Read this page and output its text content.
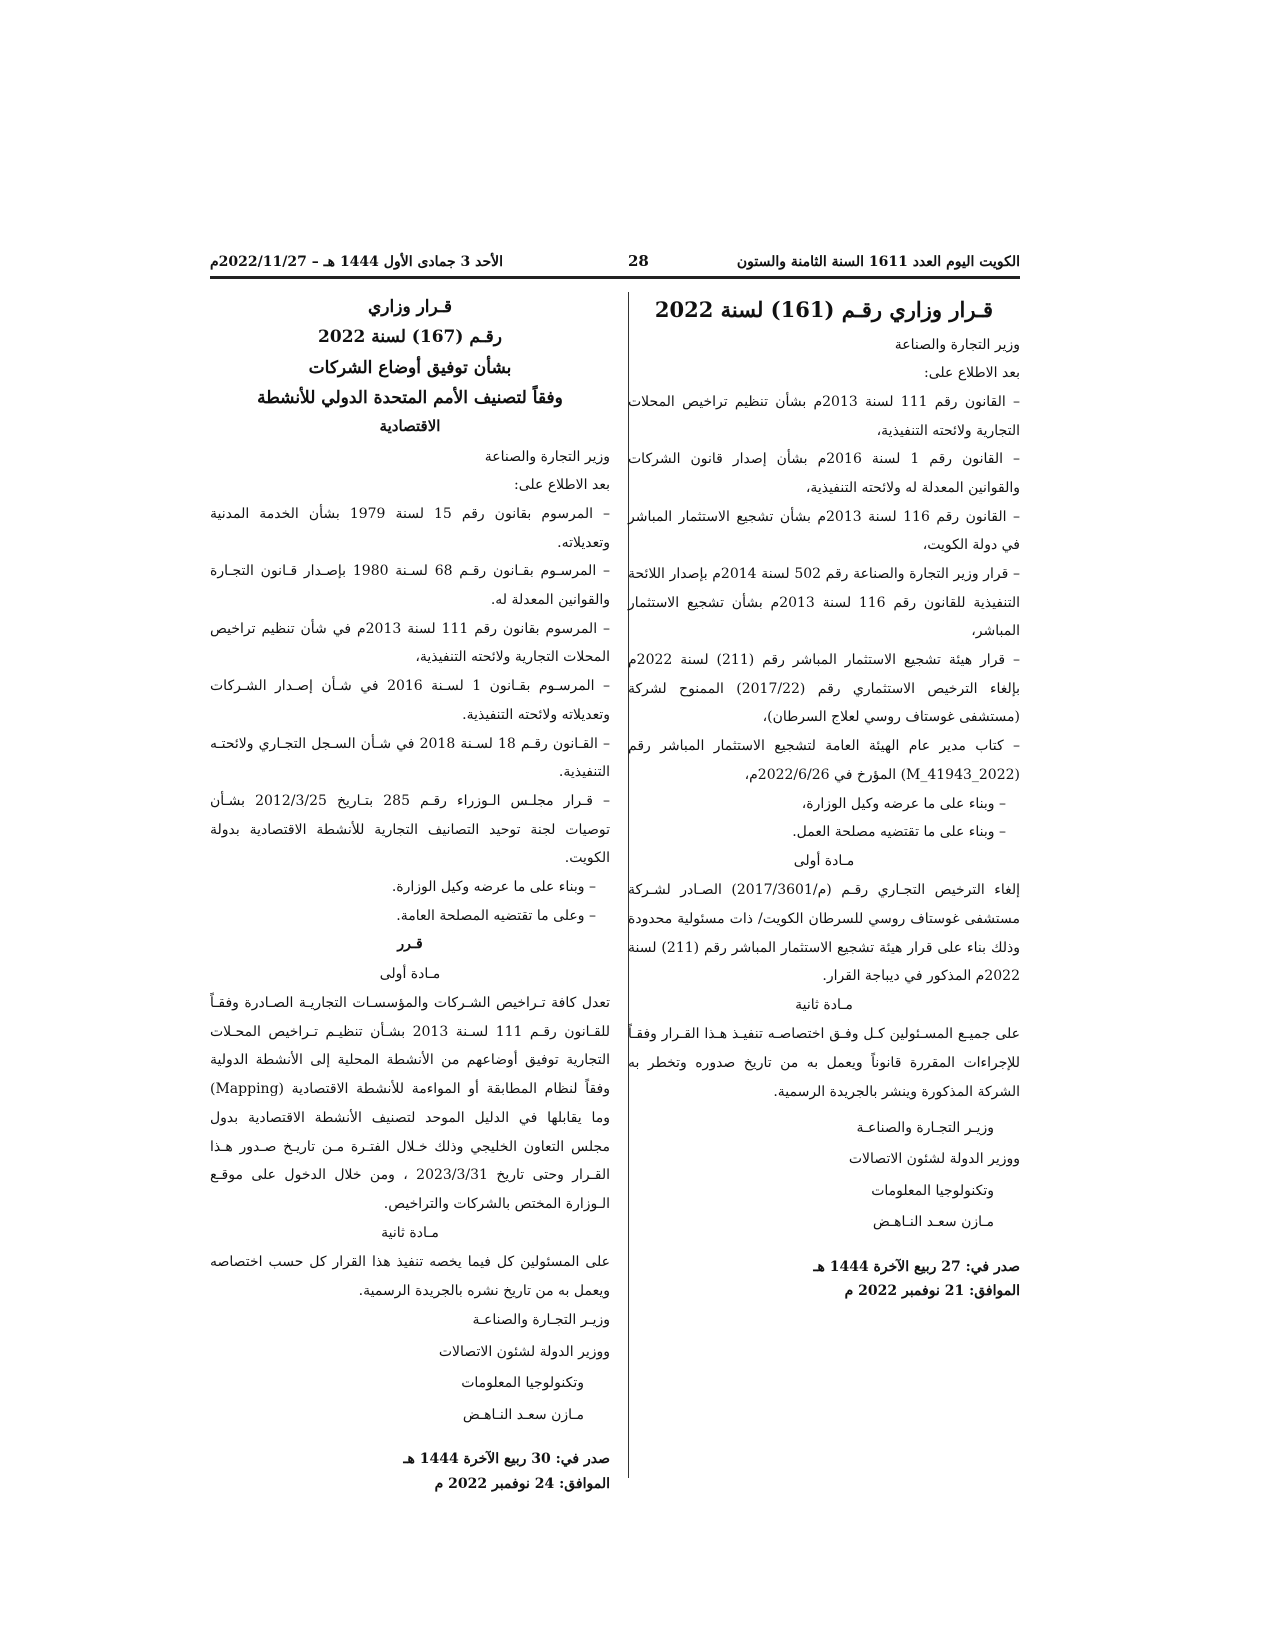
الكويت اليوم العدد 1611 السنة الثامنة والستون
28
الأحد 3 جمادى الأول 1444 هـ – 2022/11/27م

قـرار وزاري رقـم (161) لسنة 2022

وزير التجارة والصناعة

بعد الاطلاع على:

– القانون رقم 111 لسنة 2013م بشأن تنظيم تراخيص المحلات التجارية ولائحته التنفيذية،

– القانون رقم 1 لسنة 2016م بشأن إصدار قانون الشركات والقوانين المعدلة له ولائحته التنفيذية،

– القانون رقم 116 لسنة 2013م بشأن تشجيع الاستثمار المباشر في دولة الكويت،

– قرار وزير التجارة والصناعة رقم 502 لسنة 2014م بإصدار اللائحة التنفيذية للقانون رقم 116 لسنة 2013م بشأن تشجيع الاستثمار المباشر،

– قرار هيئة تشجيع الاستثمار المباشر رقم (211) لسنة 2022م بإلغاء الترخيص الاستثماري رقم (2017/22) الممنوح لشركة (مستشفى غوستاف روسي لعلاج السرطان)،

– كتاب مدير عام الهيئة العامة لتشجيع الاستثمار المباشر رقم (M_41943_2022) المؤرخ في 2022/6/26م،

– وبناء على ما عرضه وكيل الوزارة،

– وبناء على ما تقتضيه مصلحة العمل.

مـادة أولى

إلغاء الترخيص التجـاري رقـم (م/2017/3601) الصـادر لشـركة مستشفى غوستاف روسي للسرطان الكويت/ ذات مسئولية محدودة وذلك بناء على قرار هيئة تشجيع الاستثمار المباشر رقم (211) لسنة 2022م المذكور في ديباجة القرار.

مـادة ثانية

على جميـع المسـئولين كـل وفـق اختصاصـه تنفيـذ هـذا القـرار وفقـاً للإجراءات المقررة قانوناً ويعمل به من تاريخ صدوره وتخطر به الشركة المذكورة وينشر بالجريدة الرسمية.

وزيـر التجـارة والصناعـة

ووزير الدولة لشئون الاتصالات

وتكنولوجيا المعلومات

مـازن سعـد النـاهـض

صدر في: 27 ربيع الآخرة 1444 هـ

الموافق: 21 نوفمبر 2022 م

قـرار وزاري

رقـم (167) لسنة 2022

بشأن توفيق أوضاع الشركات

وفقاً لتصنيف الأمم المتحدة الدولي للأنشطة

الاقتصادية

وزير التجارة والصناعة

بعد الاطلاع على:

– المرسوم بقانون رقم 15 لسنة 1979 بشأن الخدمة المدنية وتعديلاته.

– المرسـوم بقـانون رقـم 68 لسـنة 1980 بإصـدار قـانون التجـارة والقوانين المعدلة له.

– المرسوم بقانون رقم 111 لسنة 2013م في شأن تنظيم تراخيص المحلات التجارية ولائحته التنفيذية،

– المرسـوم بقـانون 1 لسـنة 2016 في شـأن إصـدار الشـركات وتعديلاته ولائحته التنفيذية.

– القـانون رقـم 18 لسـنة 2018 في شـأن السـجل التجـاري ولائحتـه التنفيذية.

– قـرار مجلـس الـوزراء رقـم 285 بتـاريخ 2012/3/25 بشـأن توصيات لجنة توحيد التصانيف التجارية للأنشطة الاقتصادية بدولة الكويت.

– وبناء على ما عرضه وكيل الوزارة.

– وعلى ما تقتضيه المصلحة العامة.

قـرر

مـادة أولى

تعدل كافة تـراخيص الشـركات والمؤسسـات التجاريـة الصـادرة وفقـاً للقـانون رقـم 111 لسـنة 2013 بشـأن تنظيـم تـراخيص المحـلات التجارية توفيق أوضاعهم من الأنشطة المحلية إلى الأنشطة الدولية وفقاً لنظام المطابقة أو المواءمة للأنشطة الاقتصادية (Mapping) وما يقابلها في الدليل الموحد لتصنيف الأنشطة الاقتصادية بدول مجلس التعاون الخليجي وذلك خـلال الفتـرة مـن تاريـخ صـدور هـذا القـرار وحتى تاريخ 2023/3/31 ، ومن خلال الدخول على موقـع الـوزارة المختص بالشركات والتراخيص.

مـادة ثانية

على المسئولين كل فيما يخصه تنفيذ هذا القرار كل حسب اختصاصه ويعمل به من تاريخ نشره بالجريدة الرسمية.

وزيـر التجـارة والصناعـة

ووزير الدولة لشئون الاتصالات

وتكنولوجيا المعلومات

مـازن سعـد النـاهـض

صدر في: 30 ربيع الآخرة 1444 هـ

الموافق: 24 نوفمبر 2022 م
